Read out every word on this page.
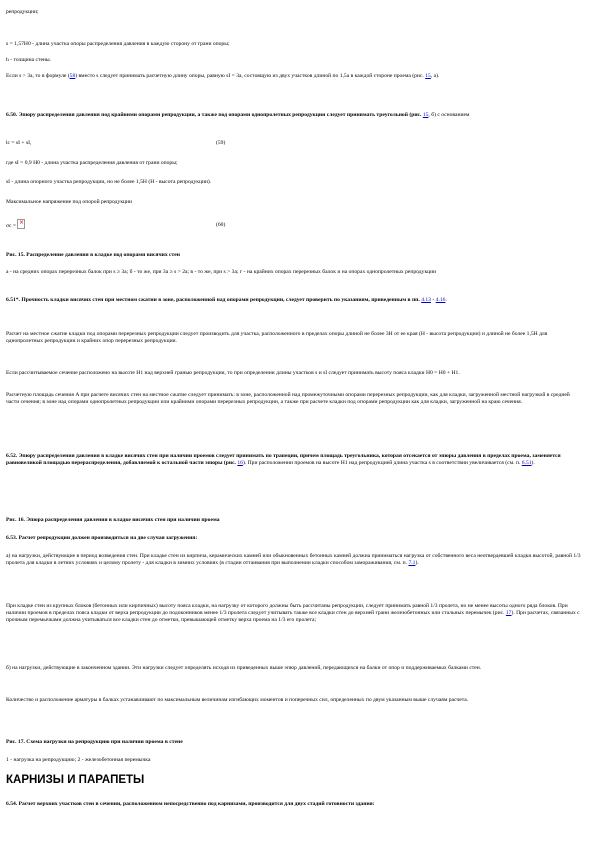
репродукции;

s = 1,57H0 - длина участка опоры распределения давления в каждую сторону от грани опоры;

h - толщина стены.

Если s > 3a, то в формуле (58) вместо s следует принимать расчетную длину опоры, равную sI = 3a, состоящую из двух участков длиной по 1,5a в каждой стороне проема (рис. 15, а).

6.50. Эпюру распределения давления под крайними опорами репродукции, а также под опорами однопролетных репродукции следует принимать треугольной (рис. 15, б) с основанием

lc = sI + sI,	(59)

где sI = 0,9 H0 - длина участка распределения давления от грани опоры;

sI - длина опорного участка репродукции, но не более 1,5H (H - высота репродукции).

Максимальное напряжение под опорой репродукции

σc = ×	(60)

Рис. 15. Распределение давления в кладке под опорами висячих стен

а - на средних опорах перерезных балок при s ≥ 3a; б - то же, при 3a ≥ s > 2a; в - то же, при s > 3a; г - на крайних опорах перерезных балок и на опорах однопролетных репродукции

6.51*. Прочность кладки висячих стен при местном сжатии в зоне, расположенной над опорами репродукции, следует проверить по указаниям, приведенным в пп. 4.13 - 4.16.

Расчет на местное сжатие кладки под опорами перерезных репродукции следует производить для участка, расположенного в пределах опоры длиной не более 3H от ее края (H - высота репродукции) и длиной не более 1,5H для однопролетных репродукции и крайних опор перерезных репродукции.

Если рассчитываемое сечение расположено на высоте H1 над верхней гранью репродукции, то при определении длины участков s и sI следует принимать высоту пояса кладки H0 = H0 + H1.

Расчетную площадь сечения A при расчете висячих стен на местное сжатие следует принимать: в зоне, расположенной над промежуточными опорами перерезных репродукции, как для кладки, загруженной местной нагрузкой в средней части сечения; в зоне над опорами однопролетных репродукции или крайними опорами перерезных репродукции, а также при расчете кладки под опорами репродукции как для кладки, загруженной на краю сечения.

6.52. Эпюру распределения давления в кладке висячих стен при наличии проемов следует принимать по трапеции, причем площадь треугольника, которая отсекается от эпюры давления в пределах проема, заменяется равновеликой площадью перераспределения, добавляемой к остальной части эпюры (рис. 16). При расположении проемов на высоте H1 над репродукцией длина участка s в соответствии увеличивается (см. п. 6.51).

Рис. 16. Эпюра распределения давления в кладке висячих стен при наличии проема

6.53. Расчет репродукции должен производиться на две случая загружения:

а) на нагрузки, действующие в период возведения стен. При кладке стен из кирпича, керамических камней или обыкновенных бетонных камней должна приниматься нагрузка от собственного веса неотвердевшей кладки высотой, равной 1/3 пролета для кладки в летних условиях и целому пролету - для кладки в зимних условиях (в стадии оттаивания при выполнении кладки способом замораживания, см. п. 7.1).

При кладке стен из крупных блоков (бетонных или кирпичных) высоту пояса кладки, на нагрузку от которого должны быть рассчитаны репродукции, следует принимать равной 1/3 пролета, но не менее высоты одного ряда блоков. При наличии проемов в пределах пояса кладки от верха репродукции до подоконников менее 1/3 пролета следует учитывать также все кладки стен до верхней грани железобетонных или стальных перемычек (рис. 17). При расчетах, связанных с прочным перемычками должна учитываться все кладки стен до отметки, превышающей отметку верха проема на 1/3 его пролета;

б) на нагрузки, действующие в законченном здании. Эти нагрузки следует определять исходя из приведенных выше эпюр давлений, передающихся на балки от опор и поддерживаемых балками стен.

Количество и расположение арматуры в балках устанавливают по максимальным величинам изгибающих моментов и поперечных сил, определенных по двум указанным выше случаям расчета.

Рис. 17. Схема нагрузки на репродукцию при наличии проема в стене

1 - нагрузка на репродукцию; 2 - железобетонная перемычка

КАРНИЗЫ И ПАРАПЕТЫ

6.54. Расчет верхних участков стен в сечении, расположенном непосредственно под карнизами, производится для двух стадий готовности здания:
